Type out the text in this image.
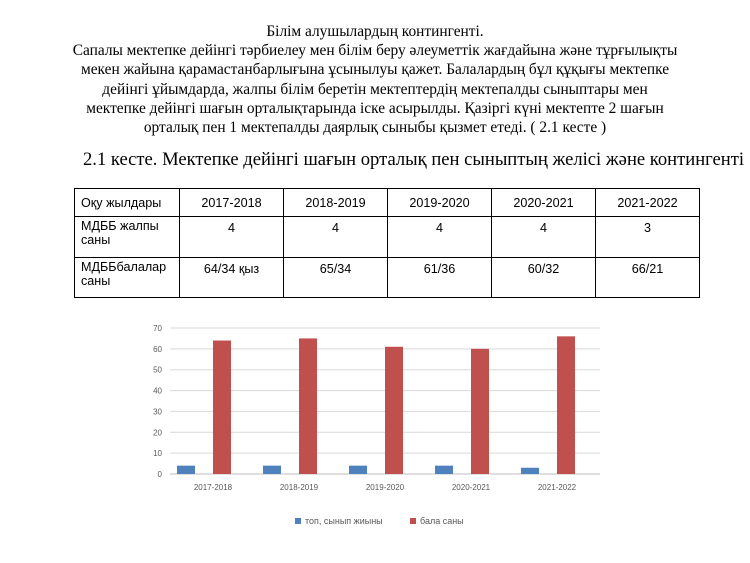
Білім алушылардың контингенті.
Сапалы мектепке дейінгі тәрбиелеу мен білім беру әлеуметтік жағдайына және тұрғылықты
мекен жайына қарамастанбарлығына ұсынылуы қажет. Балалардың бұл құқығы мектепке
дейінгі ұйымдарда, жалпы білім беретін мектептердің мектепалды сыныптары мен
мектепке дейінгі шағын орталықтарында іске асырылды. Қазіргі күні мектепте 2 шағын
орталық пен 1 мектепалды даярлық сыныбы қызмет етеді. ( 2.1 кесте )
2.1 кесте. Мектепке дейінгі шағын орталық пен сыныптың желісі және контингенті
Оқу жылдары	2017-2018	2018-2019	2019-2020	2020-2021	2021-2022
МДББ жалпы саны	4	4	4	4	3
МДББбалалар саны	64/34 қыз	65/34	61/36	60/32	66/21
0
10
20
30
40
50
60
70
2017-2018	2018-2019	2019-2020	2020-2021	2021-2022
топ, сынып жиыны	бала саны
